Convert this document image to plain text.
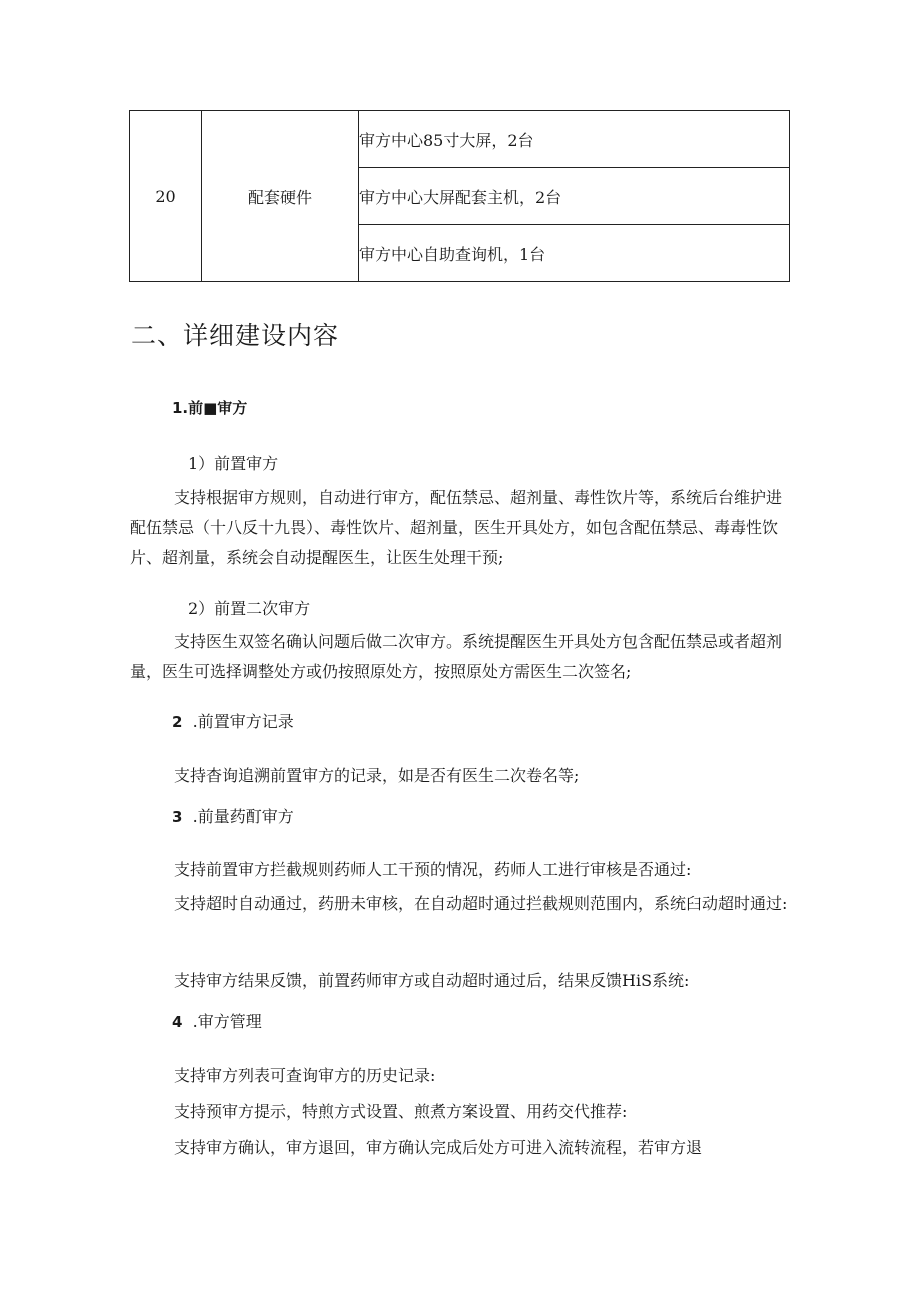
20	配套硬件	审方中心85寸大屏，2台
审方中心大屏配套主机，2台
审方中心自助查询机，1台
二、详细建设内容
1.前■审方
1）前置审方
支持根据审方规则，自动进行审方，配伍禁忌、超剂量、毒性饮片等，系统后台维护进配伍禁忌（十八反十九畏）、毒性饮片、超剂量，医生开具处方，如包含配伍禁忌、毒毒性饮片、超剂量，系统会自动提醒医生，让医生处理干预;
2）前置二次审方
支持医生双签名确认问题后做二次审方。系统提醒医生开具处方包含配伍禁忌或者超剂量，医生可选择调整处方或仍按照原处方，按照原处方需医生二次签名;
2 .前置审方记录
支持杳询追溯前置审方的记录，如是否有医生二次卷名等;
3 .前量药酊审方
支持前置审方拦截规则药师人工干预的情况，药师人工进行审核是否通过:
支持超时自动通过，药册未审核，在自动超时通过拦截规则范围内，系统臼动超时通过:
支持审方结果反馈，前置药师审方或自动超时通过后，结果反馈HiS系统:
4 .审方管理
支持审方列表可查询审方的历史记录:
支持预审方提示，特煎方式设置、煎煮方案设置、用药交代推荐:
支持审方确认，审方退回，审方确认完成后处方可进入流转流程，若审方退
